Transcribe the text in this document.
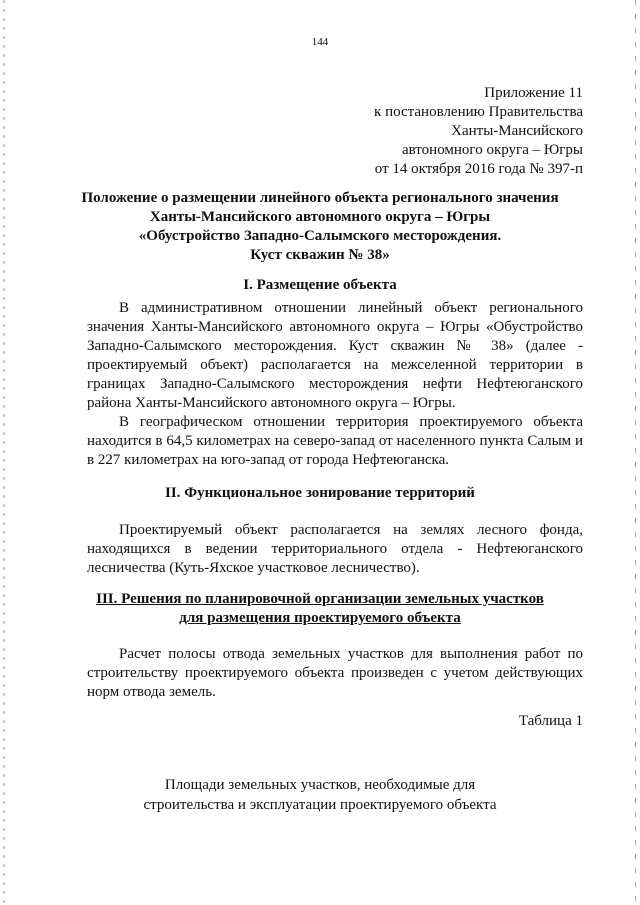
144
Приложение 11
к постановлению Правительства
Ханты-Мансийского
автономного округа – Югры
от 14 октября 2016 года № 397-п
Положение о размещении линейного объекта регионального значения
Ханты-Мансийского автономного округа – Югры
«Обустройство Западно-Салымского месторождения.
Куст скважин № 38»
I. Размещение объекта

В административном отношении линейный объект регионального значения Ханты-Мансийского автономного округа – Югры «Обустройство Западно-Салымского месторождения. Куст скважин № 38» (далее - проектируемый объект) располагается на межселенной территории в границах Западно-Салымского месторождения нефти Нефтеюганского района Ханты-Мансийского автономного округа – Югры.

В географическом отношении территория проектируемого объекта находится в 64,5 километрах на северо-запад от населенного пункта Салым и в 227 километрах на юго-запад от города Нефтеюганска.

II. Функциональное зонирование территорий

Проектируемый объект располагается на землях лесного фонда, находящихся в ведении территориального отдела - Нефтеюганского лесничества (Куть-Яхское участковое лесничество).

III. Решения по планировочной организации земельных участков
для размещения проектируемого объекта

Расчет полосы отвода земельных участков для выполнения работ по строительству проектируемого объекта произведен с учетом действующих норм отвода земель.

Таблица 1
Площади земельных участков, необходимые для
строительства и эксплуатации проектируемого объекта
